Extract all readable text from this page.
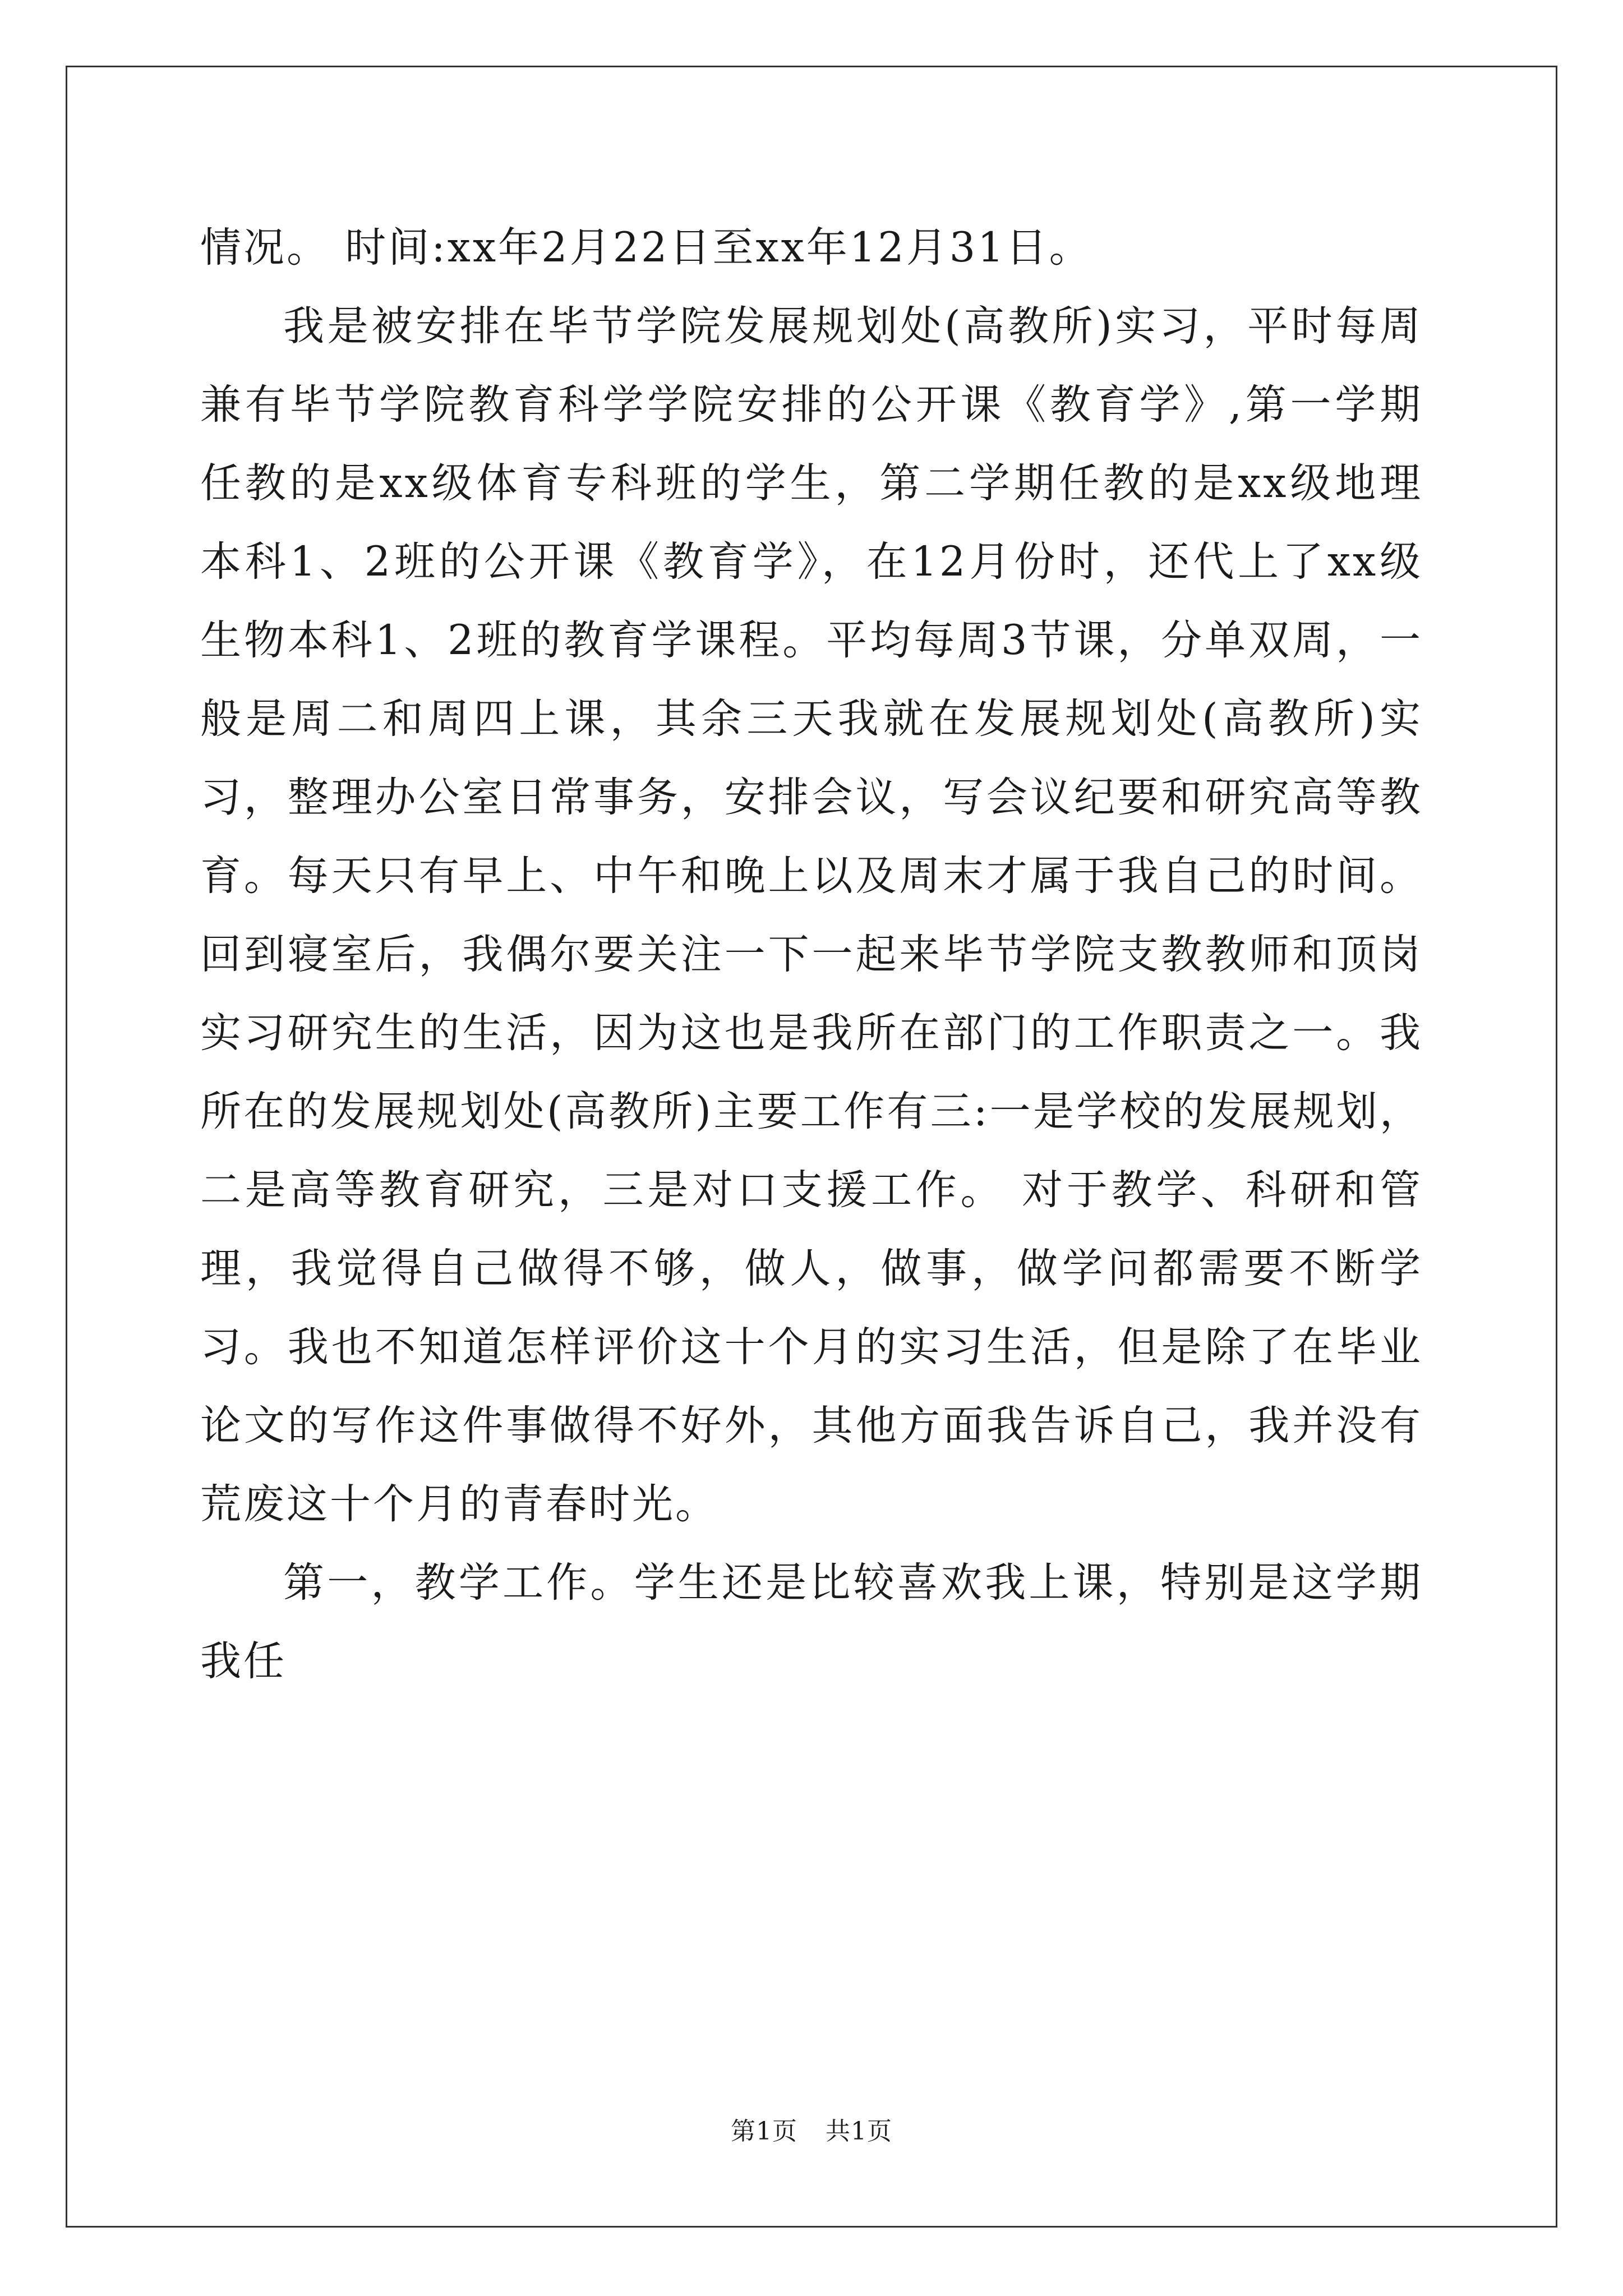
情况。 时间:xx年2月22日至xx年12月31日。

我是被安排在毕节学院发展规划处(高教所)实习，平时每周兼有毕节学院教育科学学院安排的公开课《教育学》,第一学期任教的是xx级体育专科班的学生，第二学期任教的是xx级地理本科1、2班的公开课《教育学》，在12月份时，还代上了xx级生物本科1、2班的教育学课程。平均每周3节课，分单双周，一般是周二和周四上课，其余三天我就在发展规划处(高教所)实习，整理办公室日常事务，安排会议，写会议纪要和研究高等教育。每天只有早上、中午和晚上以及周末才属于我自己的时间。回到寝室后，我偶尔要关注一下一起来毕节学院支教教师和顶岗实习研究生的生活，因为这也是我所在部门的工作职责之一。我所在的发展规划处(高教所)主要工作有三:一是学校的发展规划，二是高等教育研究，三是对口支援工作。 对于教学、科研和管理，我觉得自己做得不够，做人，做事，做学问都需要不断学习。我也不知道怎样评价这十个月的实习生活，但是除了在毕业论文的写作这件事做得不好外，其他方面我告诉自己，我并没有荒废这十个月的青春时光。

第一，教学工作。学生还是比较喜欢我上课，特别是这学期我任

第1页 共1页
